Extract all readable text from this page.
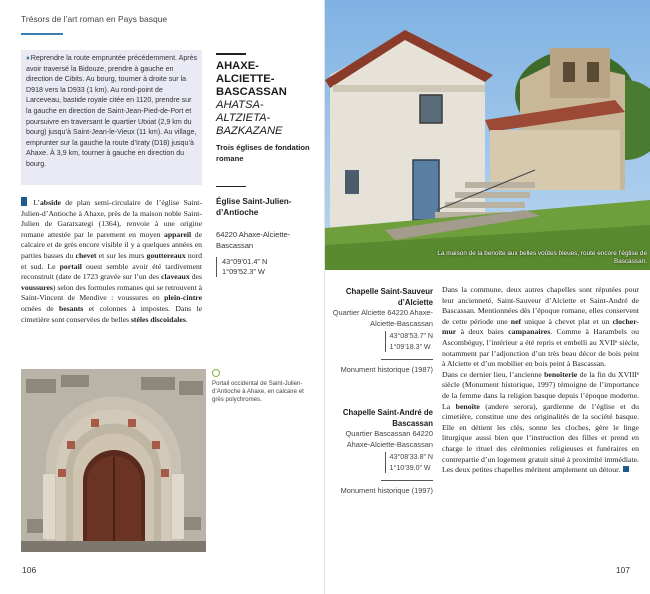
Trésors de l’art roman en Pays basque
›› Reprendre la route empruntée précédemment. Après avoir traversé la Bidouze, prendre à gauche en direction de Cibits. Au bourg, tourner à droite sur la D918 vers la D933 (1 km). Au rond-point de Larceveau, bastide royale citée en 1120, prendre sur la gauche en direction de Saint-Jean-Pied-de-Port et poursuivre en traversant le quartier Utxiat (2,9 km du bourg) jusqu’à Saint-Jean-le-Vieux (11 km). Au village, emprunter sur la gauche la route d’Iraty (D18) jusqu’à Ahaxe. À 3,9 km, tourner à gauche en direction du bourg.
L’abside de plan semi-circulaire de l’église Saint-Julien-d’Antioche à Ahaxe, près de la maison noble Saint-Julien de Garatxategi (1364), renvoie à une origine romane attestée par le parement en moyen appareil de calcaire et de grès encore visible il y a quelques années en parties basses du chevet et sur les murs gouttereaux nord et sud. Le portail ouest semble avoir été tardivement reconstruit (date de 1723 gravée sur l’un des claveaux des voussures) selon des formules romanes qui se retrouvent à Saint-Vincent de Mendive : voussures en plein-cintre ornées de besants et colonnes à impostes. Dans le cimetière sont conservées de belles stèles discoïdales.
Portail occidental de Saint-Julien-d’Antioche à Ahaxe, en calcaire et grès polychromes.
AHAXE-ALCIETTE-BASCASSAN
AHATSA-ALTZIETA-BAZKAZANE
Trois églises de fondation romane
Église Saint-Julien-d’Antioche
64220 Ahaxe-Alciette-Bascassan
43°09’01.4” N
1°09’52.3” W
106
La maison de la benoîte aux belles voûtes bleues, route encore l’église de Bascassan.
Chapelle Saint-Sauveur d’Alciette
Quartier Alciette 64220 Ahaxe-Alciette-Bascassan
43°08’53.7” N
1°09’18.3” W
Monument historique (1987)
Chapelle Saint-André de Bascassan
Quartier Bascassan 64220 Ahaxe-Alciette-Bascassan
43°08’33.8” N
1°10’39.0” W
Monument historique (1997)

Dans la commune, deux autres chapelles sont réputées pour leur ancienneté, Saint-Sauveur d’Alciette et Saint-André de Bascassan. Mentionnées dès l’époque romane, elles conservent de cette période une nef unique à chevet plat et un clocher-mur à deux baies campanaires. Comme à Harambels ou Ascombéguy, l’intérieur a été repris et embelli au XVIIᵉ siècle, notamment par l’adjonction d’un très beau décor de bois peint à Alciette et d’un mobilier en bois peint à Bascassan.

Dans ce dernier lieu, l’ancienne benoîterie de la fin du XVIIIᵉ siècle (Monument historique, 1997) témoigne de l’importance de la femme dans la religion basque depuis l’époque moderne. La benoîte (andere serora), gardienne de l’église et du cimetière, constitue une des originalités de la société basque. Elle en détient les clés, sonne les cloches, gère le linge liturgique aussi bien que l’instruction des filles et prend en charge le rituel des cérémonies religieuses et funéraires en contrepartie d’un logement gratuit situé à proximité immédiate. Les deux petites chapelles méritent amplement un détour.

107
